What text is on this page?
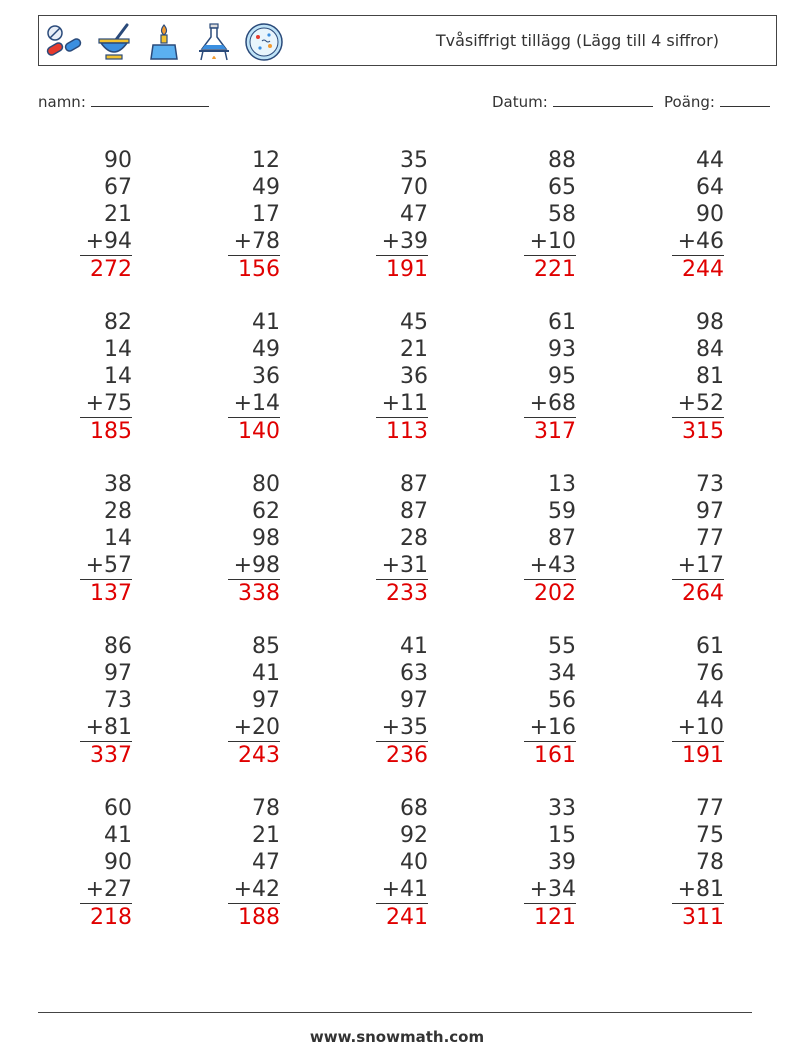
Tvåsiffrigt tillägg (Lägg till 4 siffror)
namn:	Datum:	Poäng:
90
67
21
+94
272
12
49
17
+78
156
35
70
47
+39
191
88
65
58
+10
221
44
64
90
+46
244
82
14
14
+75
185
41
49
36
+14
140
45
21
36
+11
113
61
93
95
+68
317
98
84
81
+52
315
38
28
14
+57
137
80
62
98
+98
338
87
87
28
+31
233
13
59
87
+43
202
73
97
77
+17
264
86
97
73
+81
337
85
41
97
+20
243
41
63
97
+35
236
55
34
56
+16
161
61
76
44
+10
191
60
41
90
+27
218
78
21
47
+42
188
68
92
40
+41
241
33
15
39
+34
121
77
75
78
+81
311
www.snowmath.com
